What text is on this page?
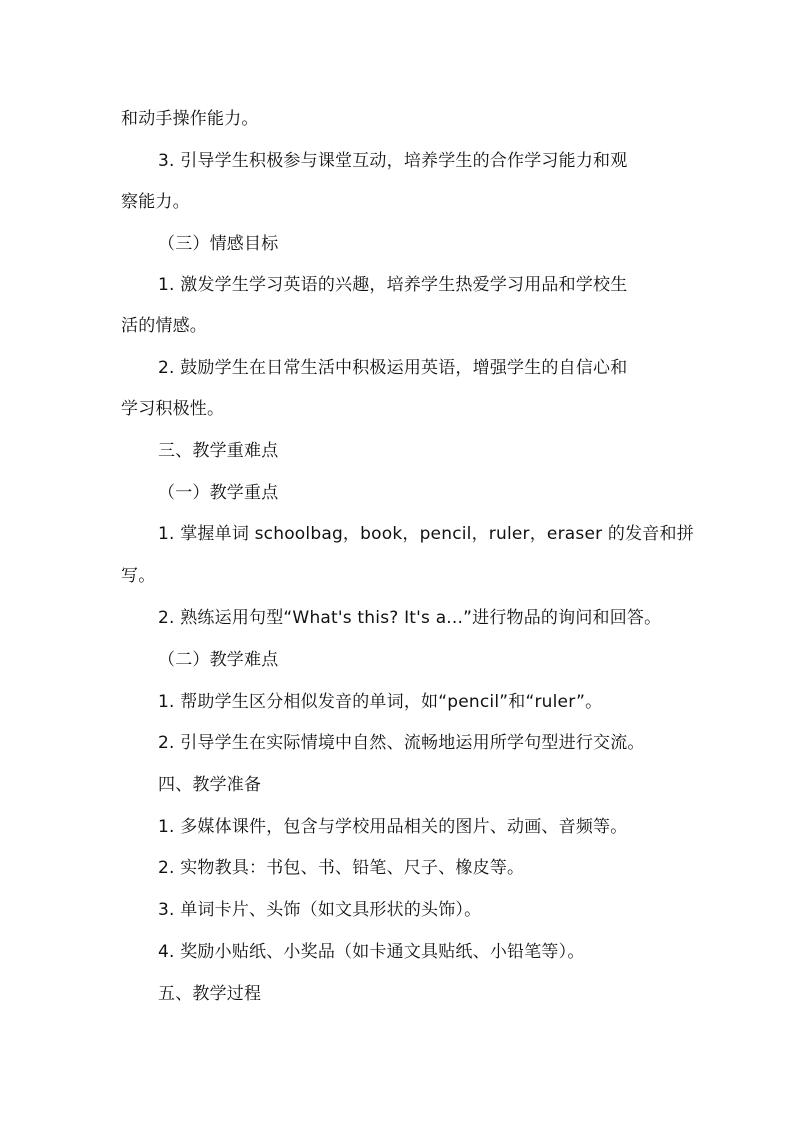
和动手操作能力。
3. 引导学生积极参与课堂互动，培养学生的合作学习能力和观
察能力。
（三）情感目标
1. 激发学生学习英语的兴趣，培养学生热爱学习用品和学校生
活的情感。
2. 鼓励学生在日常生活中积极运用英语，增强学生的自信心和
学习积极性。
三、教学重难点
（一）教学重点
1. 掌握单词 schoolbag，book，pencil，ruler，eraser 的发音和拼
写。
2. 熟练运用句型“What's this? It's a...”进行物品的询问和回答。
（二）教学难点
1. 帮助学生区分相似发音的单词，如“pencil”和“ruler”。
2. 引导学生在实际情境中自然、流畅地运用所学句型进行交流。
四、教学准备
1. 多媒体课件，包含与学校用品相关的图片、动画、音频等。
2. 实物教具：书包、书、铅笔、尺子、橡皮等。
3. 单词卡片、头饰（如文具形状的头饰）。
4. 奖励小贴纸、小奖品（如卡通文具贴纸、小铅笔等）。
五、教学过程
